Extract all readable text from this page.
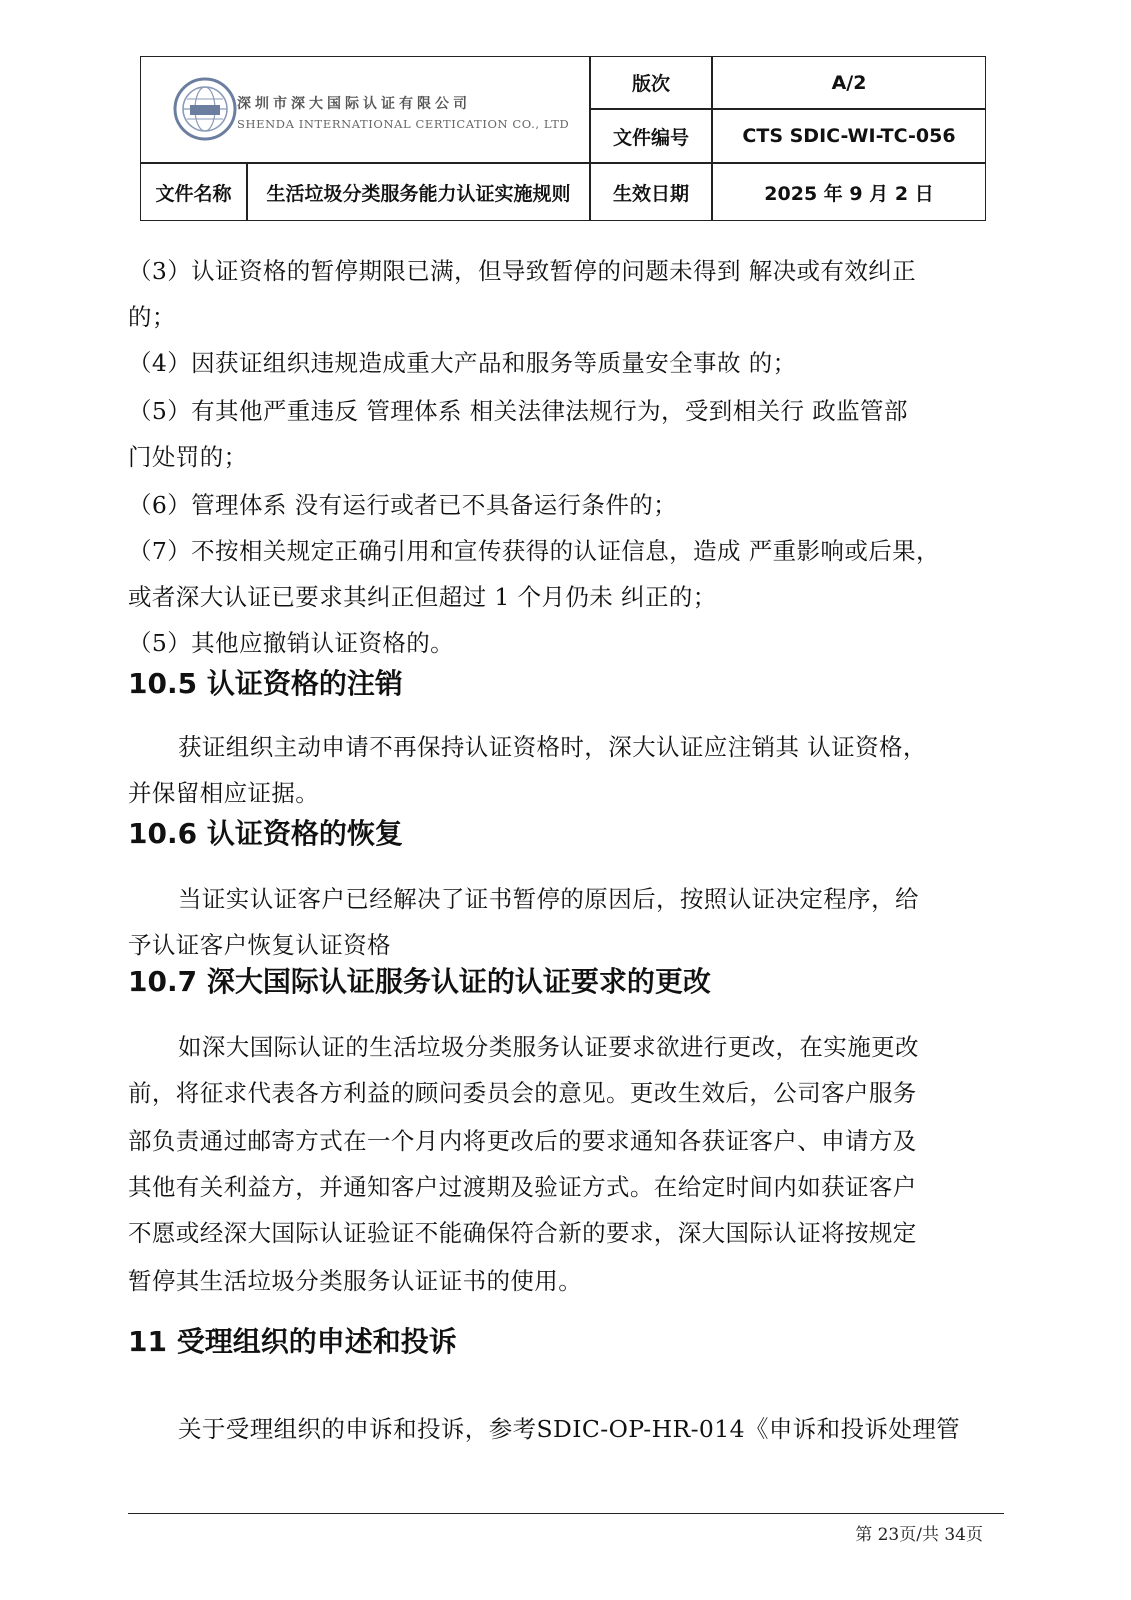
深圳市深大国际认证有限公司
SHENDA INTERNATIONAL CERTICATION CO., LTD
版次	A/2
文件编号	CTS SDIC-WI-TC-056
文件名称	生活垃圾分类服务能力认证实施规则	生效日期	2025 年 9 月 2 日
（3）认证资格的暂停期限已满，但导致暂停的问题未得到 解决或有效纠正
的；
（4）因获证组织违规造成重大产品和服务等质量安全事故 的；
（5）有其他严重违反 管理体系 相关法律法规行为，受到相关行 政监管部
门处罚的；
（6）管理体系 没有运行或者已不具备运行条件的；
（7）不按相关规定正确引用和宣传获得的认证信息，造成 严重影响或后果，
或者深大认证已要求其纠正但超过 1 个月仍未 纠正的；
（5）其他应撤销认证资格的。
10.5 认证资格的注销
获证组织主动申请不再保持认证资格时，深大认证应注销其 认证资格，
并保留相应证据。
10.6 认证资格的恢复
当证实认证客户已经解决了证书暂停的原因后，按照认证决定程序，给
予认证客户恢复认证资格
10.7 深大国际认证服务认证的认证要求的更改
如深大国际认证的生活垃圾分类服务认证要求欲进行更改，在实施更改
前，将征求代表各方利益的顾问委员会的意见。更改生效后，公司客户服务
部负责通过邮寄方式在一个月内将更改后的要求通知各获证客户、申请方及
其他有关利益方，并通知客户过渡期及验证方式。在给定时间内如获证客户
不愿或经深大国际认证验证不能确保符合新的要求，深大国际认证将按规定
暂停其生活垃圾分类服务认证证书的使用。
11 受理组织的申述和投诉
关于受理组织的申诉和投诉，参考SDIC-OP-HR-014《申诉和投诉处理管
第 23页/共 34页
